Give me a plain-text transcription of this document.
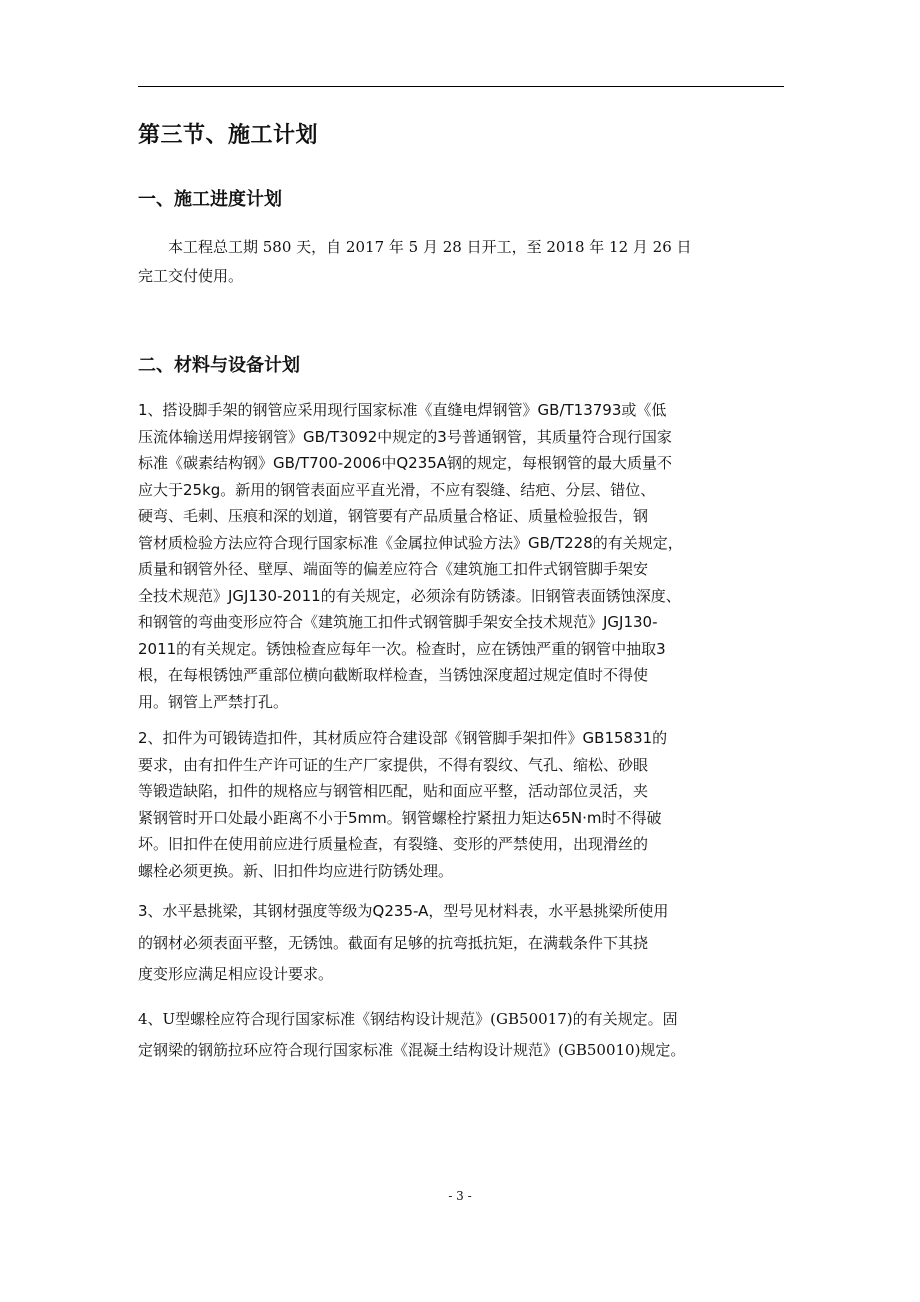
第三节、施工计划
一、施工进度计划

本工程总工期 580 天，自 2017 年 5 月 28 日开工，至 2018 年 12 月 26 日
完工交付使用。

二、材料与设备计划

1、搭设脚手架的钢管应采用现行国家标准《直缝电焊钢管》GB/T13793或《低
压流体输送用焊接钢管》GB/T3092中规定的3号普通钢管，其质量符合现行国家
标准《碳素结构钢》GB/T700-2006中Q235A钢的规定，每根钢管的最大质量不
应大于25kg。新用的钢管表面应平直光滑，不应有裂缝、结疤、分层、错位、
硬弯、毛刺、压痕和深的划道，钢管要有产品质量合格证、质量检验报告，钢
管材质检验方法应符合现行国家标准《金属拉伸试验方法》GB/T228的有关规定，
质量和钢管外径、壁厚、端面等的偏差应符合《建筑施工扣件式钢管脚手架安
全技术规范》JGJ130-2011的有关规定，必须涂有防锈漆。旧钢管表面锈蚀深度、
和钢管的弯曲变形应符合《建筑施工扣件式钢管脚手架安全技术规范》JGJ130-
2011的有关规定。锈蚀检查应每年一次。检查时，应在锈蚀严重的钢管中抽取3
根，在每根锈蚀严重部位横向截断取样检查，当锈蚀深度超过规定值时不得使
用。钢管上严禁打孔。

2、扣件为可锻铸造扣件，其材质应符合建设部《钢管脚手架扣件》GB15831的
要求，由有扣件生产许可证的生产厂家提供，不得有裂纹、气孔、缩松、砂眼
等锻造缺陷，扣件的规格应与钢管相匹配，贴和面应平整，活动部位灵活，夹
紧钢管时开口处最小距离不小于5mm。钢管螺栓拧紧扭力矩达65N·m时不得破
坏。旧扣件在使用前应进行质量检查，有裂缝、变形的严禁使用，出现滑丝的
螺栓必须更换。新、旧扣件均应进行防锈处理。

3、水平悬挑梁，其钢材强度等级为Q235-A，型号见材料表，水平悬挑梁所使用
的钢材必须表面平整，无锈蚀。截面有足够的抗弯抵抗矩，在满载条件下其挠
度变形应满足相应设计要求。

4、U型螺栓应符合现行国家标准《钢结构设计规范》(GB50017)的有关规定。固
定钢梁的钢筋拉环应符合现行国家标准《混凝土结构设计规范》(GB50010)规定。

- 3 -
